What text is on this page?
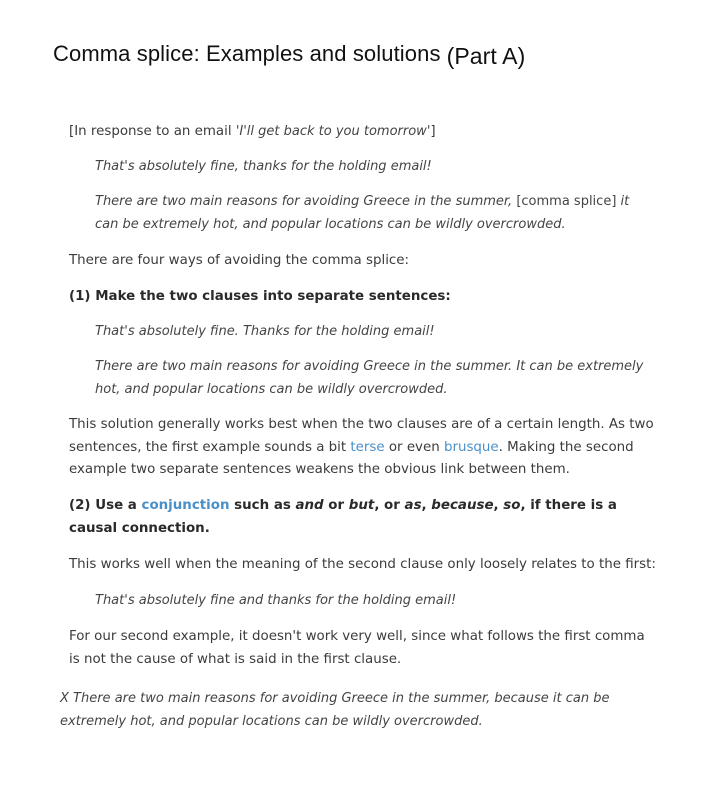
Comma splice: Examples and solutions (Part A)
[In response to an email 'I'll get back to you tomorrow']
That's absolutely fine, thanks for the holding email!
There are two main reasons for avoiding Greece in the summer, [comma splice] it can be extremely hot, and popular locations can be wildly overcrowded.
There are four ways of avoiding the comma splice:
(1) Make the two clauses into separate sentences:
That's absolutely fine. Thanks for the holding email!
There are two main reasons for avoiding Greece in the summer. It can be extremely hot, and popular locations can be wildly overcrowded.
This solution generally works best when the two clauses are of a certain length. As two sentences, the first example sounds a bit terse or even brusque. Making the second example two separate sentences weakens the obvious link between them.
(2) Use a conjunction such as and or but, or as, because, so, if there is a causal connection.
This works well when the meaning of the second clause only loosely relates to the first:
That's absolutely fine and thanks for the holding email!
For our second example, it doesn't work very well, since what follows the first comma is not the cause of what is said in the first clause.
X There are two main reasons for avoiding Greece in the summer, because it can be extremely hot, and popular locations can be wildly overcrowded.
